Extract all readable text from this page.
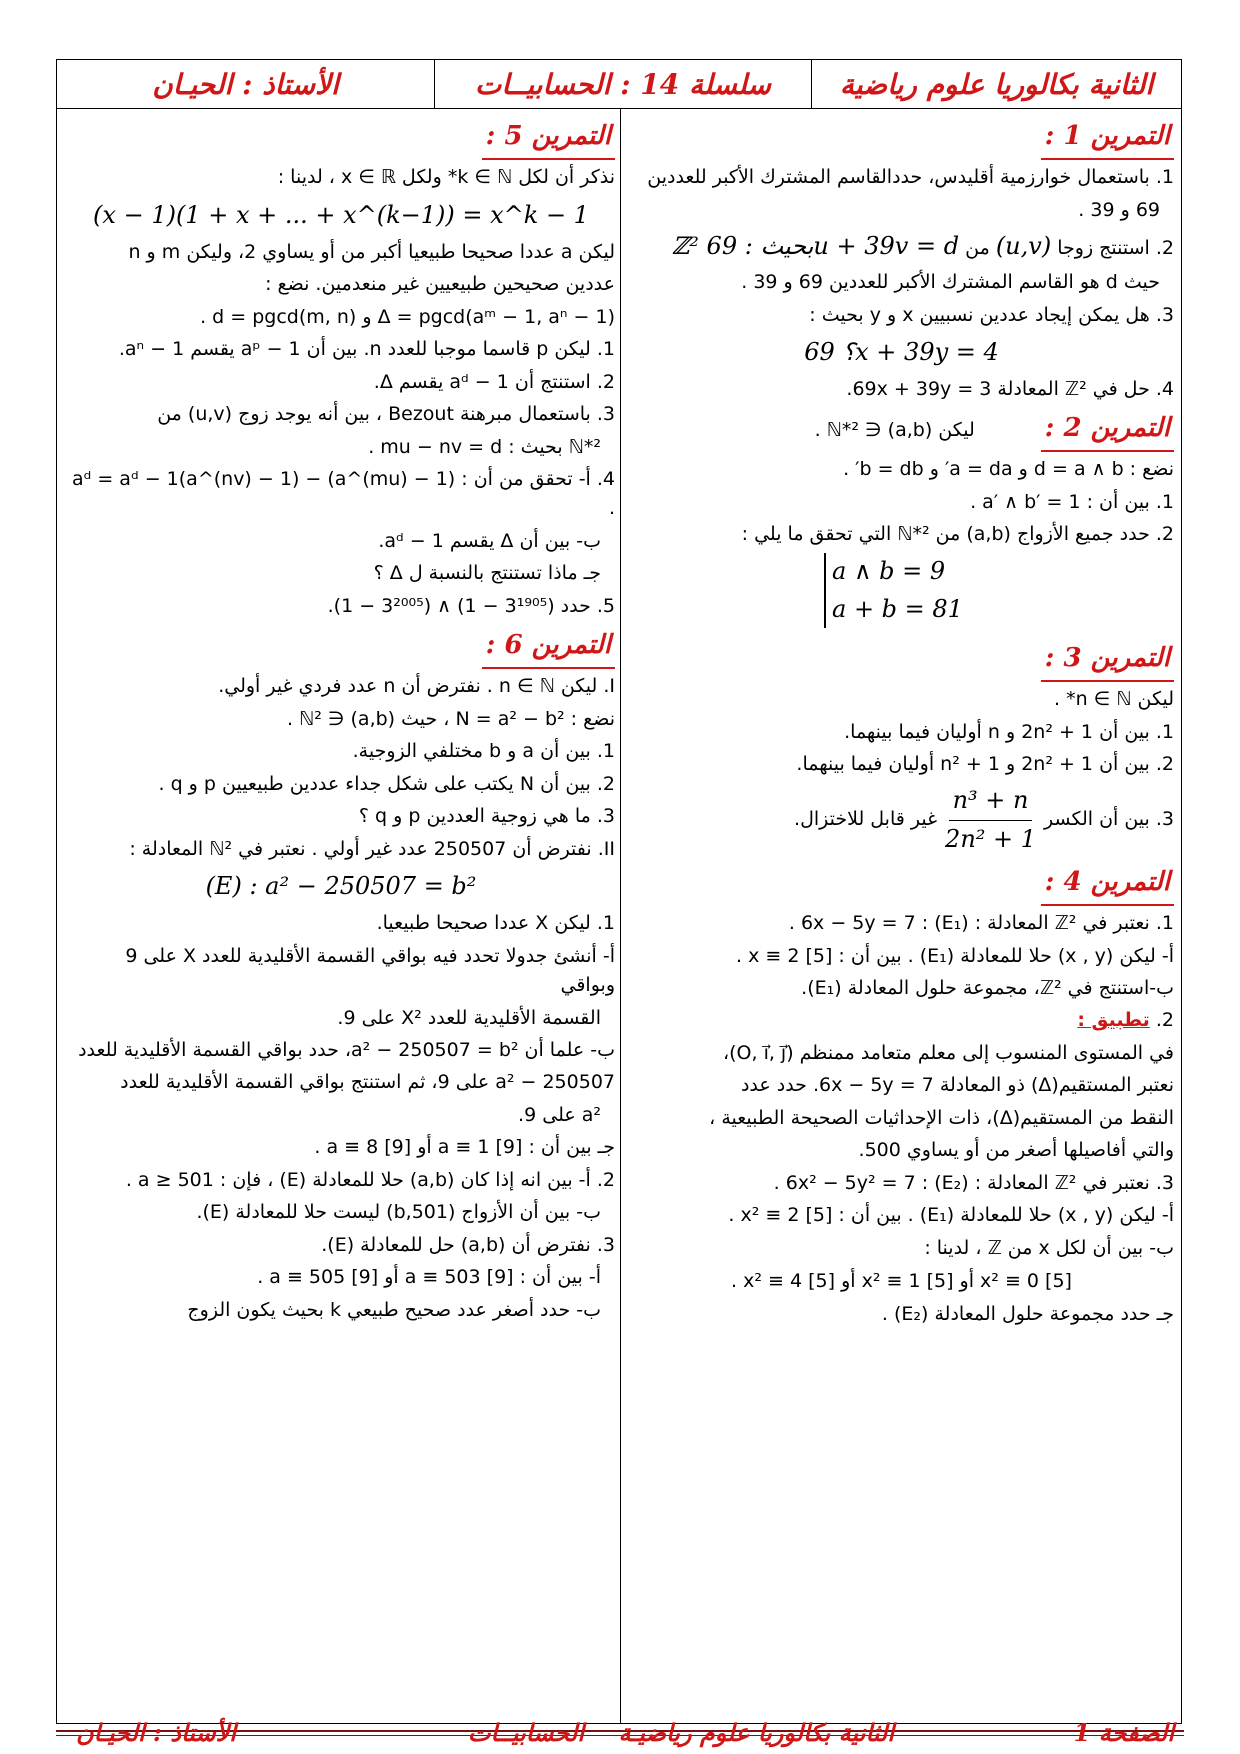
الثانية بكالوريا علوم رياضية
سلسلة 14 : الحسابيــات
الأستاذ : الحيـان
التمرين 1 :
1. باستعمال خوارزمية أقليدس، حددالقاسم المشترك الأكبر للعددين
69 و 39 .
2. استنتج زوجا (u,v) من ℤ² بحيث : 69u + 39v = d
حيث d هو القاسم المشترك الأكبر للعددين 69 و 39 .
3. هل يمكن إيجاد عددين نسبيين x و y بحيث :
؟ 69x + 39y = 4
4. حل في ℤ² المعادلة 69x + 39y = 3.
التمرين 2 : ليكن (a,b) ∈ ℕ*² .
نضع : d = a ∧ b و a = da′ و b = db′ .
1. بين أن : a′ ∧ b′ = 1 .
2. حدد جميع الأزواج (a,b) من ℕ*² التي تحقق ما يلي :
a ∧ b = 9
a + b = 81
التمرين 3 :
ليكن n ∈ ℕ* .
1. بين أن 2n² + 1 و n أوليان فيما بينهما.
2. بين أن 2n² + 1 و n² + 1 أوليان فيما بينهما.
3. بين أن الكسر
$\frac{\text{n³ + n}}{\text{2n² + 1}}$
غير قابل للاختزال.
التمرين 4 :
1. نعتبر في ℤ² المعادلة : (E₁) : 6x − 5y = 7 .
أ- ليكن (x , y) حلا للمعادلة (E₁) . بين أن : x ≡ 2 [5] .
ب-استنتج في ℤ²، مجموعة حلول المعادلة (E₁).
2. تطبيق :
في المستوى المنسوب إلى معلم متعامد ممنظم (O, i⃗, j⃗)،
نعتبر المستقيم(Δ) ذو المعادلة 6x − 5y = 7. حدد عدد
النقط من المستقيم(Δ)، ذات الإحداثيات الصحيحة الطبيعية ،
والتي أفاصيلها أصغر من أو يساوي 500.
3. نعتبر في ℤ² المعادلة : (E₂) : 6x² − 5y² = 7 .
أ- ليكن (x , y) حلا للمعادلة (E₁) . بين أن : x² ≡ 2 [5] .
ب- بين أن لكل x من ℤ ، لدينا :
x² ≡ 0 [5] أو x² ≡ 1 [5] أو x² ≡ 4 [5] .
جـ حدد مجموعة حلول المعادلة (E₂) .
التمرين 5 :
نذكر أن لكل k ∈ ℕ* ولكل x ∈ ℝ ، لدينا :
(x − 1)(1 + x + ... + x^(k−1)) = x^k − 1
ليكن a عددا صحيحا طبيعيا أكبر من أو يساوي 2، وليكن m و n
عددين صحيحين طبيعيين غير منعدمين. نضع :
Δ = pgcd(aᵐ − 1, aⁿ − 1) و d = pgcd(m, n) .
1. ليكن p قاسما موجبا للعدد n. بين أن aᵖ − 1 يقسم aⁿ − 1.
2. استنتج أن aᵈ − 1 يقسم Δ.
3. باستعمال مبرهنة Bezout ، بين أنه يوجد زوج (u,v) من
ℕ*² بحيث : mu − nv = d .
4. أ- تحقق من أن : (a^(mu) − 1) − (a^(nv) − 1)aᵈ = aᵈ − 1 .
ب- بين أن Δ يقسم aᵈ − 1.
جـ ماذا تستنتج بالنسبة ل Δ ؟
5. حدد (3¹⁹⁰⁵ − 1) ∧ (3²⁰⁰⁵ − 1).
التمرين 6 :
I. ليكن n ∈ ℕ . نفترض أن n عدد فردي غير أولي.
نضع : N = a² − b² ، حيث (a,b) ∈ ℕ² .
1. بين أن a و b مختلفي الزوجية.
2. بين أن N يكتب على شكل جداء عددين طبيعيين p و q .
3. ما هي زوجية العددين p و q ؟
II. نفترض أن 250507 عدد غير أولي . نعتبر في ℕ² المعادلة :
(E) : a² − 250507 = b²
1. ليكن X عددا صحيحا طبيعيا.
أ- أنشئ جدولا تحدد فيه بواقي القسمة الأقليدية للعدد X على 9 وبواقي
القسمة الأقليدية للعدد X² على 9.
ب- علما أن a² − 250507 = b²، حدد بواقي القسمة الأقليدية للعدد
a² − 250507 على 9، ثم استنتج بواقي القسمة الأقليدية للعدد
a² على 9.
جـ بين أن : a ≡ 1 [9] أو a ≡ 8 [9] .
2. أ- بين انه إذا كان (a,b) حلا للمعادلة (E) ، فإن : a ≥ 501 .
ب- بين أن الأزواج (501,b) ليست حلا للمعادلة (E).
3. نفترض أن (a,b) حل للمعادلة (E).
أ- بين أن : a ≡ 503 [9] أو a ≡ 505 [9] .
ب- حدد أصغر عدد صحيح طبيعي k بحيث يكون الزوج
الصفحة 1
الثانية بكالوريا علوم رياضيـة
الحسابيــات
الأستاذ : الحيـان
